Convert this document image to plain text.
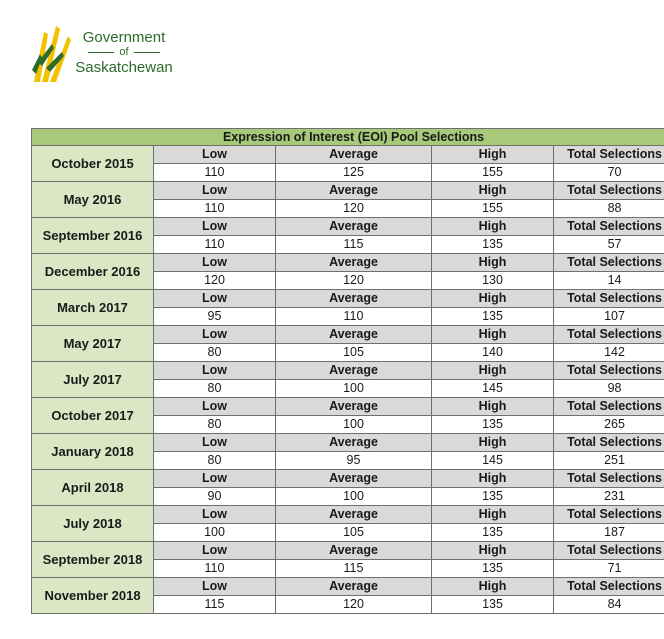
Government
of
Saskatchewan
Expression of Interest (EOI) Pool Selections				
October 2015	Low	Average	High	Total Selections
	110	125	155	70
May 2016	Low	Average	High	Total Selections
	110	120	155	88
September 2016	Low	Average	High	Total Selections
	110	115	135	57
December 2016	Low	Average	High	Total Selections
	120	120	130	14
March 2017	Low	Average	High	Total Selections
	95	110	135	107
May 2017	Low	Average	High	Total Selections
	80	105	140	142
July 2017	Low	Average	High	Total Selections
	80	100	145	98
October 2017	Low	Average	High	Total Selections
	80	100	135	265
January 2018	Low	Average	High	Total Selections
	80	95	145	251
April 2018	Low	Average	High	Total Selections
	90	100	135	231
July 2018	Low	Average	High	Total Selections
	100	105	135	187
September 2018	Low	Average	High	Total Selections
	110	115	135	71
November 2018	Low	Average	High	Total Selections
	115	120	135	84
